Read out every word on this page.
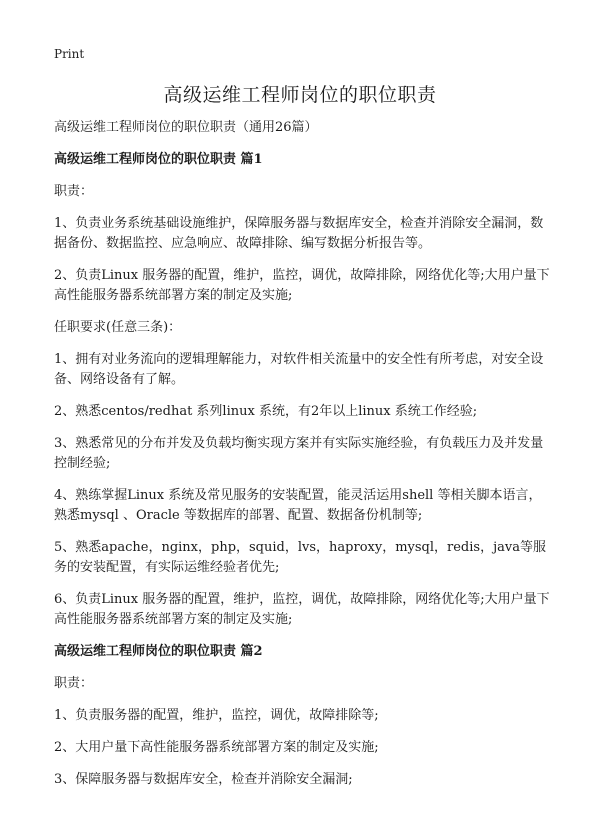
Print
高级运维工程师岗位的职位职责

高级运维工程师岗位的职位职责（通用26篇）

高级运维工程师岗位的职位职责 篇1

职责：

1、负责业务系统基础设施维护，保障服务器与数据库安全，检查并消除安全漏洞，数据备份、数据监控、应急响应、故障排除、编写数据分析报告等。

2、负责Linux 服务器的配置，维护，监控，调优，故障排除，网络优化等;大用户量下高性能服务器系统部署方案的制定及实施;

任职要求(任意三条)：

1、拥有对业务流向的逻辑理解能力，对软件相关流量中的安全性有所考虑，对安全设备、网络设备有了解。

2、熟悉centos/redhat 系列linux 系统，有2年以上linux 系统工作经验;

3、熟悉常见的分布并发及负载均衡实现方案并有实际实施经验，有负载压力及并发量控制经验;

4、熟练掌握Linux 系统及常见服务的安装配置，能灵活运用shell 等相关脚本语言，熟悉mysql 、Oracle 等数据库的部署、配置、数据备份机制等;

5、熟悉apache，nginx，php，squid，lvs，haproxy，mysql，redis，java等服务的安装配置，有实际运维经验者优先;

6、负责Linux 服务器的配置，维护，监控，调优，故障排除，网络优化等;大用户量下高性能服务器系统部署方案的制定及实施;

高级运维工程师岗位的职位职责 篇2

职责：

1、负责服务器的配置，维护，监控，调优，故障排除等;

2、大用户量下高性能服务器系统部署方案的制定及实施;

3、保障服务器与数据库安全，检查并消除安全漏洞;
